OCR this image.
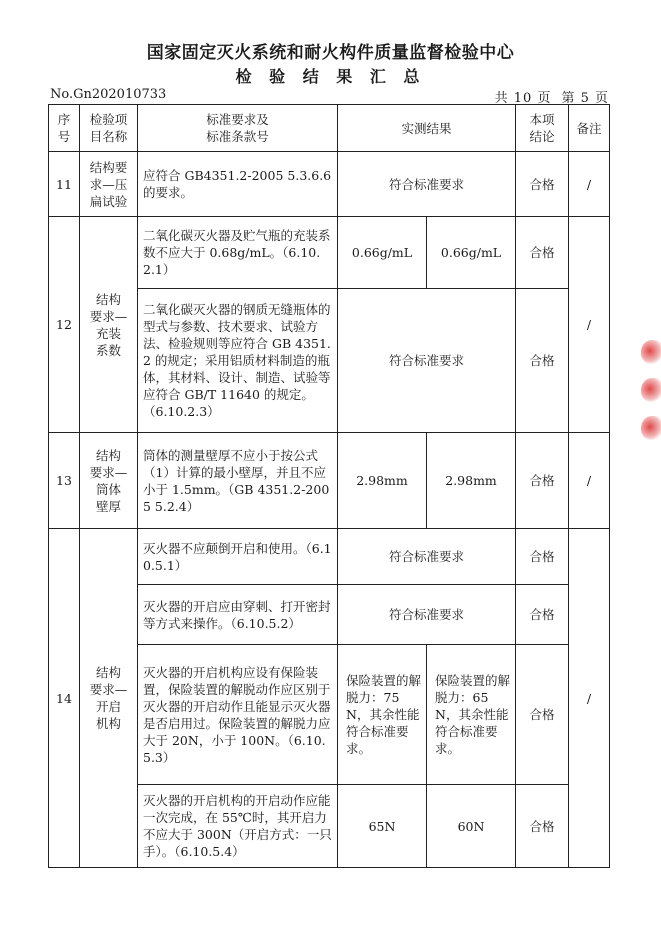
国家固定灭火系统和耐火构件质量监督检验中心
检 验 结 果 汇 总
No.Gn202010733	共 10 页 第 5 页
序
号	检验项
目名称	标准要求及
标准条款号	实测结果		本项
结论	备注
11	结构要
求—压
扁试验	应符合 GB4351.2-2005 5.3.6.6 的要求。	符合标准要求		合格	/
12	结构
要求—
充装
系数	二氧化碳灭火器及贮气瓶的充装系数不应大于 0.68g/mL。（6.10.2.1）	0.66g/mL	0.66g/mL	合格	/
		二氧化碳灭火器的钢质无缝瓶体的型式与参数、技术要求、试验方法、检验规则等应符合 GB 4351.2 的规定；采用铝质材料制造的瓶体，其材料、设计、制造、试验等应符合 GB/T 11640 的规定。（6.10.2.3）	符合标准要求		合格	
13	结构
要求—
筒体
壁厚	筒体的测量壁厚不应小于按公式（1）计算的最小壁厚，并且不应小于 1.5mm。（GB 4351.2-2005 5.2.4）	2.98mm	2.98mm	合格	/
14	结构
要求—
开启
机构	灭火器不应颠倒开启和使用。（6.10.5.1）	符合标准要求		合格	/
		灭火器的开启应由穿刺、打开密封等方式来操作。（6.10.5.2）	符合标准要求		合格	
		灭火器的开启机构应设有保险装置，保险装置的解脱动作应区别于灭火器的开启动作且能显示灭火器是否启用过。保险装置的解脱力应大于 20N，小于 100N。（6.10.5.3）	保险装置的解脱力：75N，其余性能符合标准要求。	保险装置的解脱力：65N，其余性能符合标准要求。	合格	
		灭火器的开启机构的开启动作应能一次完成，在 55℃时，其开启力不应大于 300N（开启方式：一只手）。（6.10.5.4）	65N	60N	合格	
